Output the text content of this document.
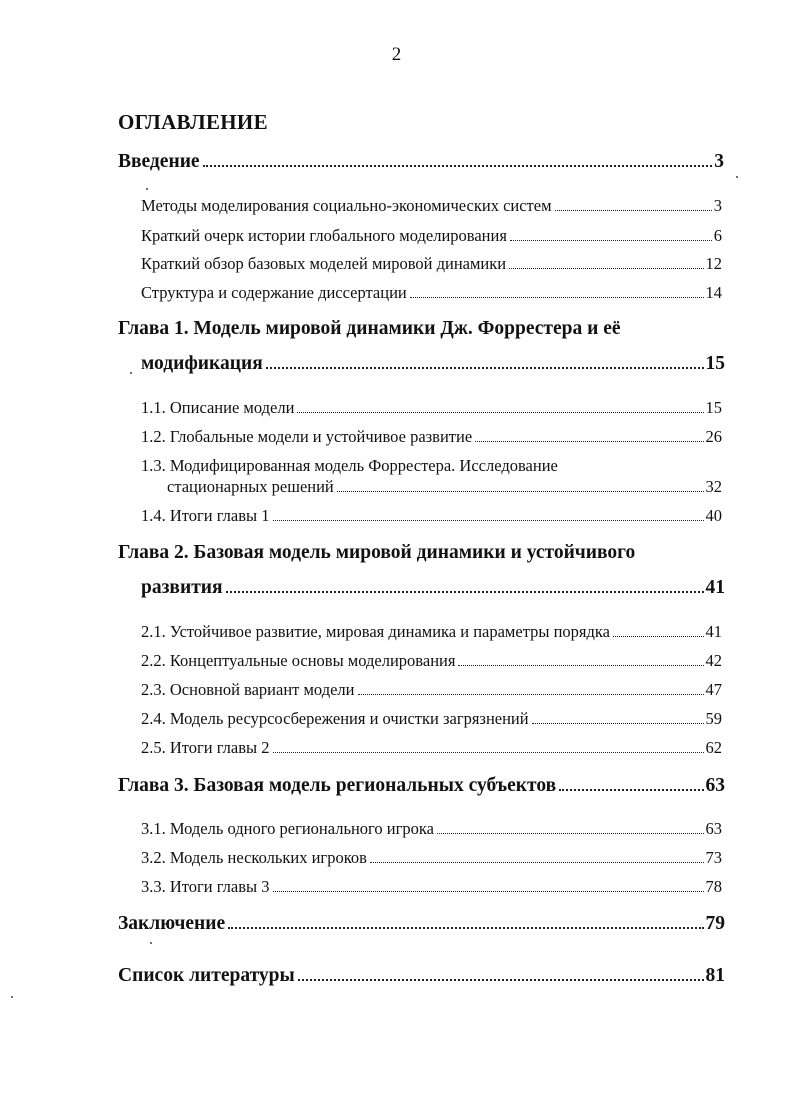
2
ОГЛАВЛЕНИЕ
Введение	3
Методы моделирования социально-экономических систем	3
Краткий очерк истории глобального моделирования	6
Краткий обзор базовых моделей мировой динамики	12
Структура и содержание диссертации	14
Глава 1. Модель мировой динамики Дж. Форрестера и её
модификация	15
1.1. Описание модели	15
1.2. Глобальные модели и устойчивое развитие	26
1.3. Модифицированная модель Форрестера. Исследование
стационарных решений	32
1.4. Итоги главы 1	40
Глава 2. Базовая модель мировой динамики и устойчивого
развития	41
2.1. Устойчивое развитие, мировая динамика и параметры порядка	41
2.2. Концептуальные основы моделирования	42
2.3. Основной вариант модели	47
2.4. Модель ресурсосбережения и очистки загрязнений	59
2.5. Итоги главы 2	62
Глава 3. Базовая модель региональных субъектов	63
3.1. Модель одного регионального игрока	63
3.2. Модель нескольких игроков	73
3.3. Итоги главы 3	78
Заключение	79
Список литературы	81
